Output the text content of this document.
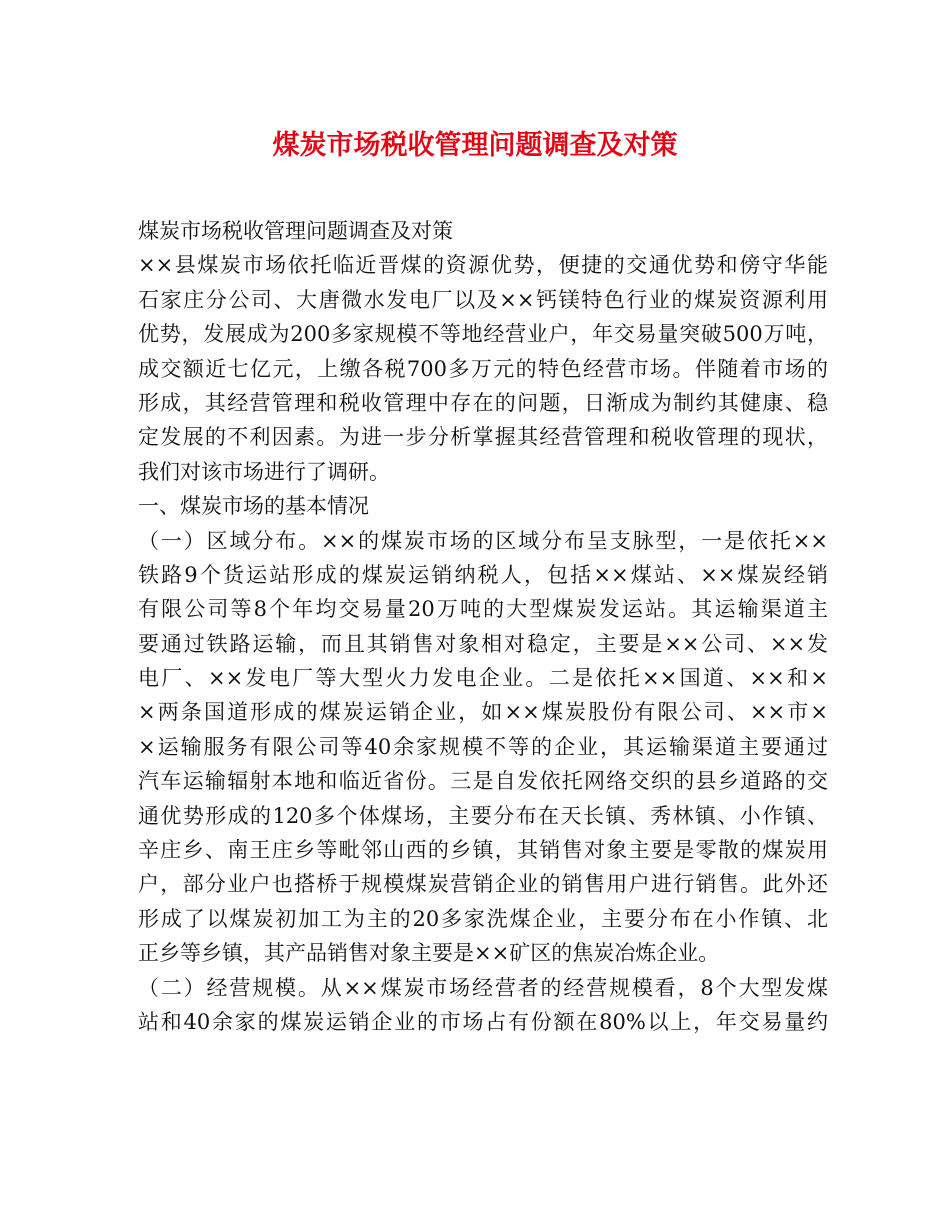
煤炭市场税收管理问题调查及对策
煤炭市场税收管理问题调查及对策
××县煤炭市场依托临近晋煤的资源优势，便捷的交通优势和傍守华能
石家庄分公司、大唐微水发电厂以及××钙镁特色行业的煤炭资源利用
优势，发展成为200多家规模不等地经营业户，年交易量突破500万吨，
成交额近七亿元，上缴各税700多万元的特色经营市场。伴随着市场的
形成，其经营管理和税收管理中存在的问题，日渐成为制约其健康、稳
定发展的不利因素。为进一步分析掌握其经营管理和税收管理的现状，
我们对该市场进行了调研。
一、煤炭市场的基本情况
（一）区域分布。××的煤炭市场的区域分布呈支脉型，一是依托××
铁路9个货运站形成的煤炭运销纳税人，包括××煤站、××煤炭经销
有限公司等8个年均交易量20万吨的大型煤炭发运站。其运输渠道主
要通过铁路运输，而且其销售对象相对稳定，主要是××公司、××发
电厂、××发电厂等大型火力发电企业。二是依托××国道、××和×
×两条国道形成的煤炭运销企业，如××煤炭股份有限公司、××市×
×运输服务有限公司等40余家规模不等的企业，其运输渠道主要通过
汽车运输辐射本地和临近省份。三是自发依托网络交织的县乡道路的交
通优势形成的120多个体煤场，主要分布在天长镇、秀林镇、小作镇、
辛庄乡、南王庄乡等毗邻山西的乡镇，其销售对象主要是零散的煤炭用
户，部分业户也搭桥于规模煤炭营销企业的销售用户进行销售。此外还
形成了以煤炭初加工为主的20多家洗煤企业，主要分布在小作镇、北
正乡等乡镇，其产品销售对象主要是××矿区的焦炭冶炼企业。
（二）经营规模。从××煤炭市场经营者的经营规模看，8个大型发煤
站和40余家的煤炭运销企业的市场占有份额在80%以上，年交易量约
